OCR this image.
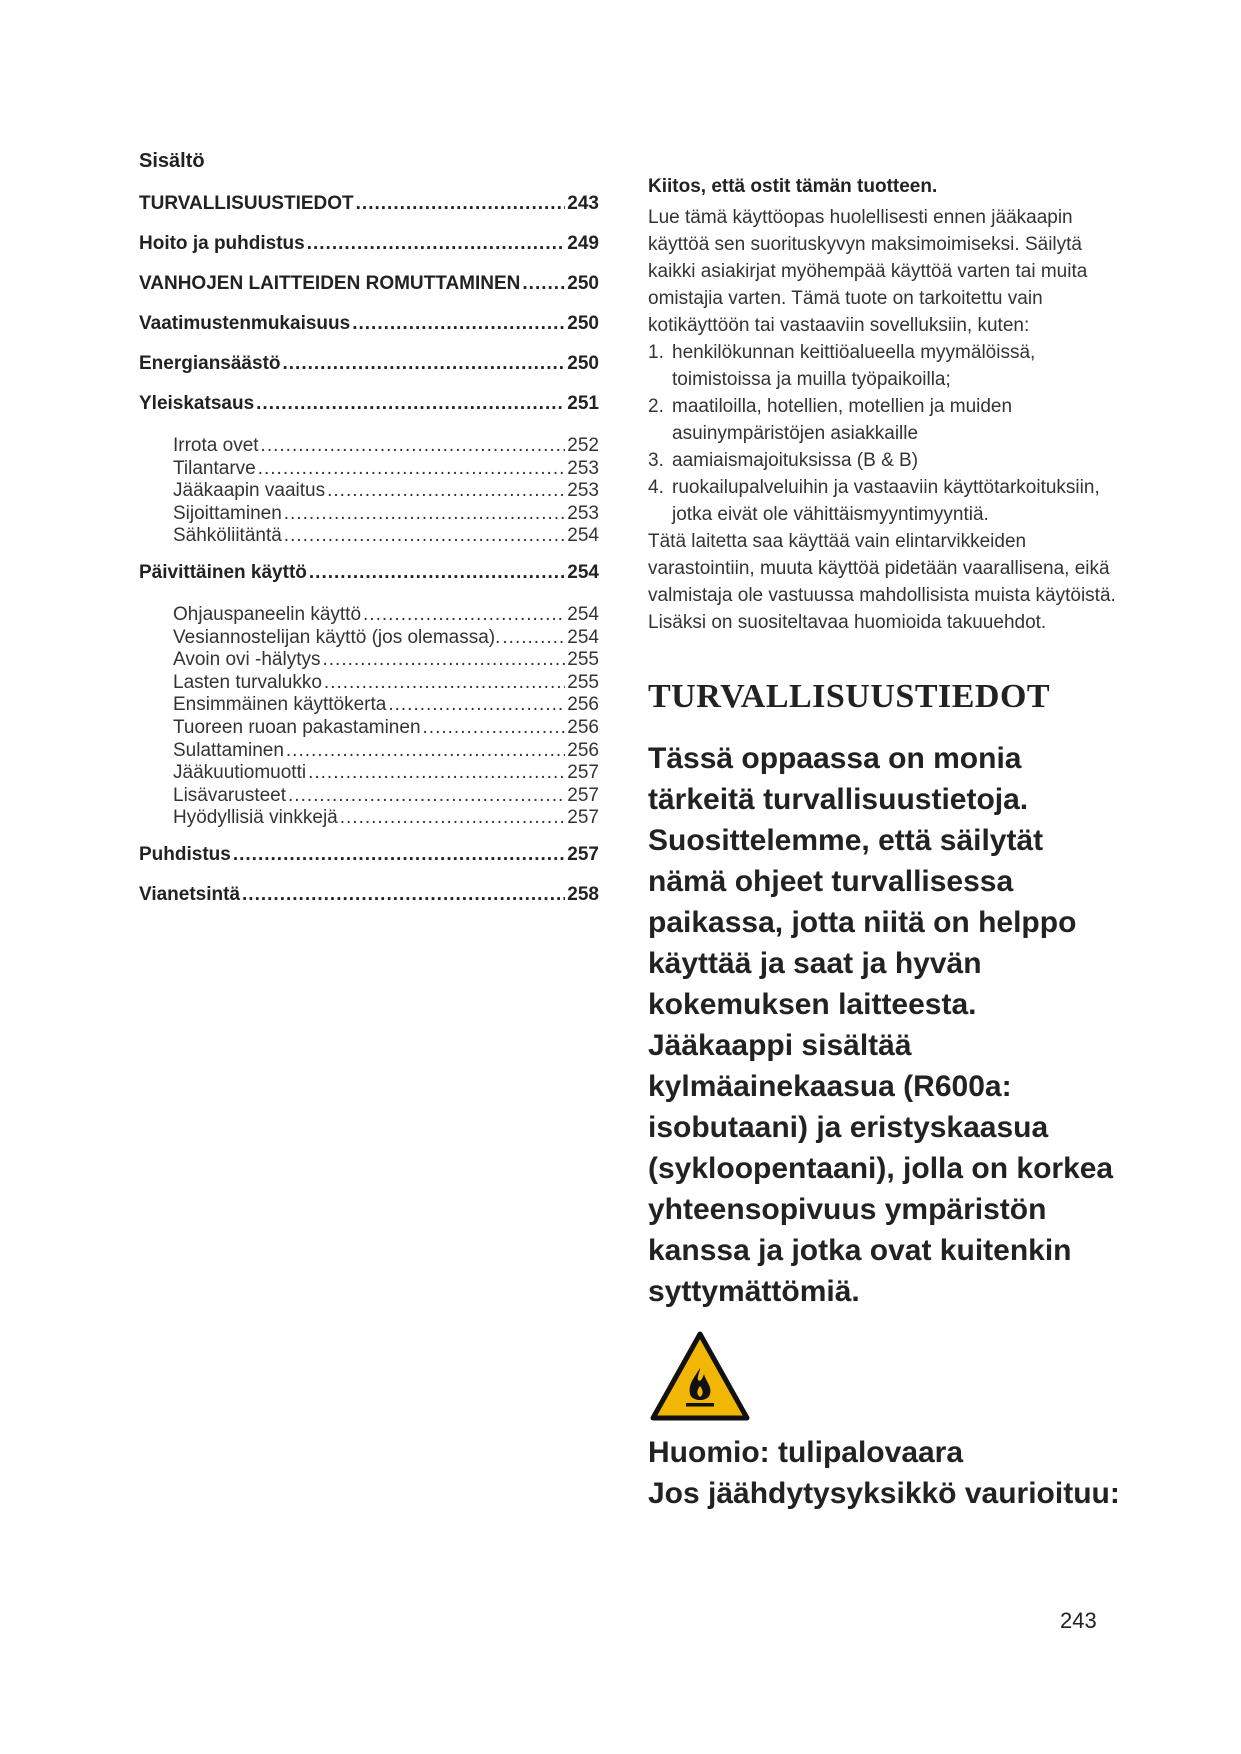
Sisältö
TURVALLISUUSTIEDOT .....	243
Hoito ja puhdistus .....	249
VANHOJEN LAITTEIDEN ROMUTTAMINEN ..... 250
Vaatimustenmukaisuus .....	250
Energiansäästö .....	250
Yleiskatsaus .....	251
Irrota ovet .....	252
Tilantarve .....	253
Jääkaapin vaaitus .....	253
Sijoittaminen .....	253
Sähköliitäntä .....	254
Päivittäinen käyttö .....	254
Ohjauspaneelin käyttö .....	254
Vesiannostelijan käyttö (jos olemassa). .....	254
Avoin ovi -hälytys .....	255
Lasten turvalukko .....	255
Ensimmäinen käyttökerta .....	256
Tuoreen ruoan pakastaminen .....	256
Sulattaminen .....	256
Jääkuutiomuotti .....	257
Lisävarusteet .....	257
Hyödyllisiä vinkkejä .....	257
Puhdistus .....	257
Vianetsintä .....	258
Kiitos, että ostit tämän tuotteen.

Lue tämä käyttöopas huolellisesti ennen jääkaapin käyttöä sen suorituskyvyn maksimoimiseksi. Säilytä kaikki asiakirjat myöhempää käyttöä varten tai muita omistajia varten. Tämä tuote on tarkoitettu vain kotikäyttöön tai vastaaviin sovelluksiin, kuten:

1. henkilökunnan keittiöalueella myymälöissä, toimistoissa ja muilla työpaikoilla;
2. maatiloilla, hotellien, motellien ja muiden asuinympäristöjen asiakkaille
3. aamiaismajoituksissa (B & B)
4. ruokailupalveluihin ja vastaaviin käyttötarkoituksiin, jotka eivät ole vähittäismyyntimyyntiä.

Tätä laitetta saa käyttää vain elintarvikkeiden varastointiin, muuta käyttöä pidetään vaarallisena, eikä valmistaja ole vastuussa mahdollisista muista käytöistä. Lisäksi on suositeltavaa huomioida takuuehdot.

TURVALLISUUSTIEDOT

Tässä oppaassa on monia tärkeitä turvallisuustietoja. Suosittelemme, että säilytät nämä ohjeet turvallisessa paikassa, jotta niitä on helppo käyttää ja saat ja hyvän kokemuksen laitteesta. Jääkaappi sisältää kylmäainekaasua (R600a: isobutaani) ja eristyskaasua (sykloopentaani), jolla on korkea yhteensopivuus ympäristön kanssa ja jotka ovat kuitenkin syttymättömiä.

Huomio: tulipalovaara

Jos jäähdytysyksikkö vaurioituu:

243
